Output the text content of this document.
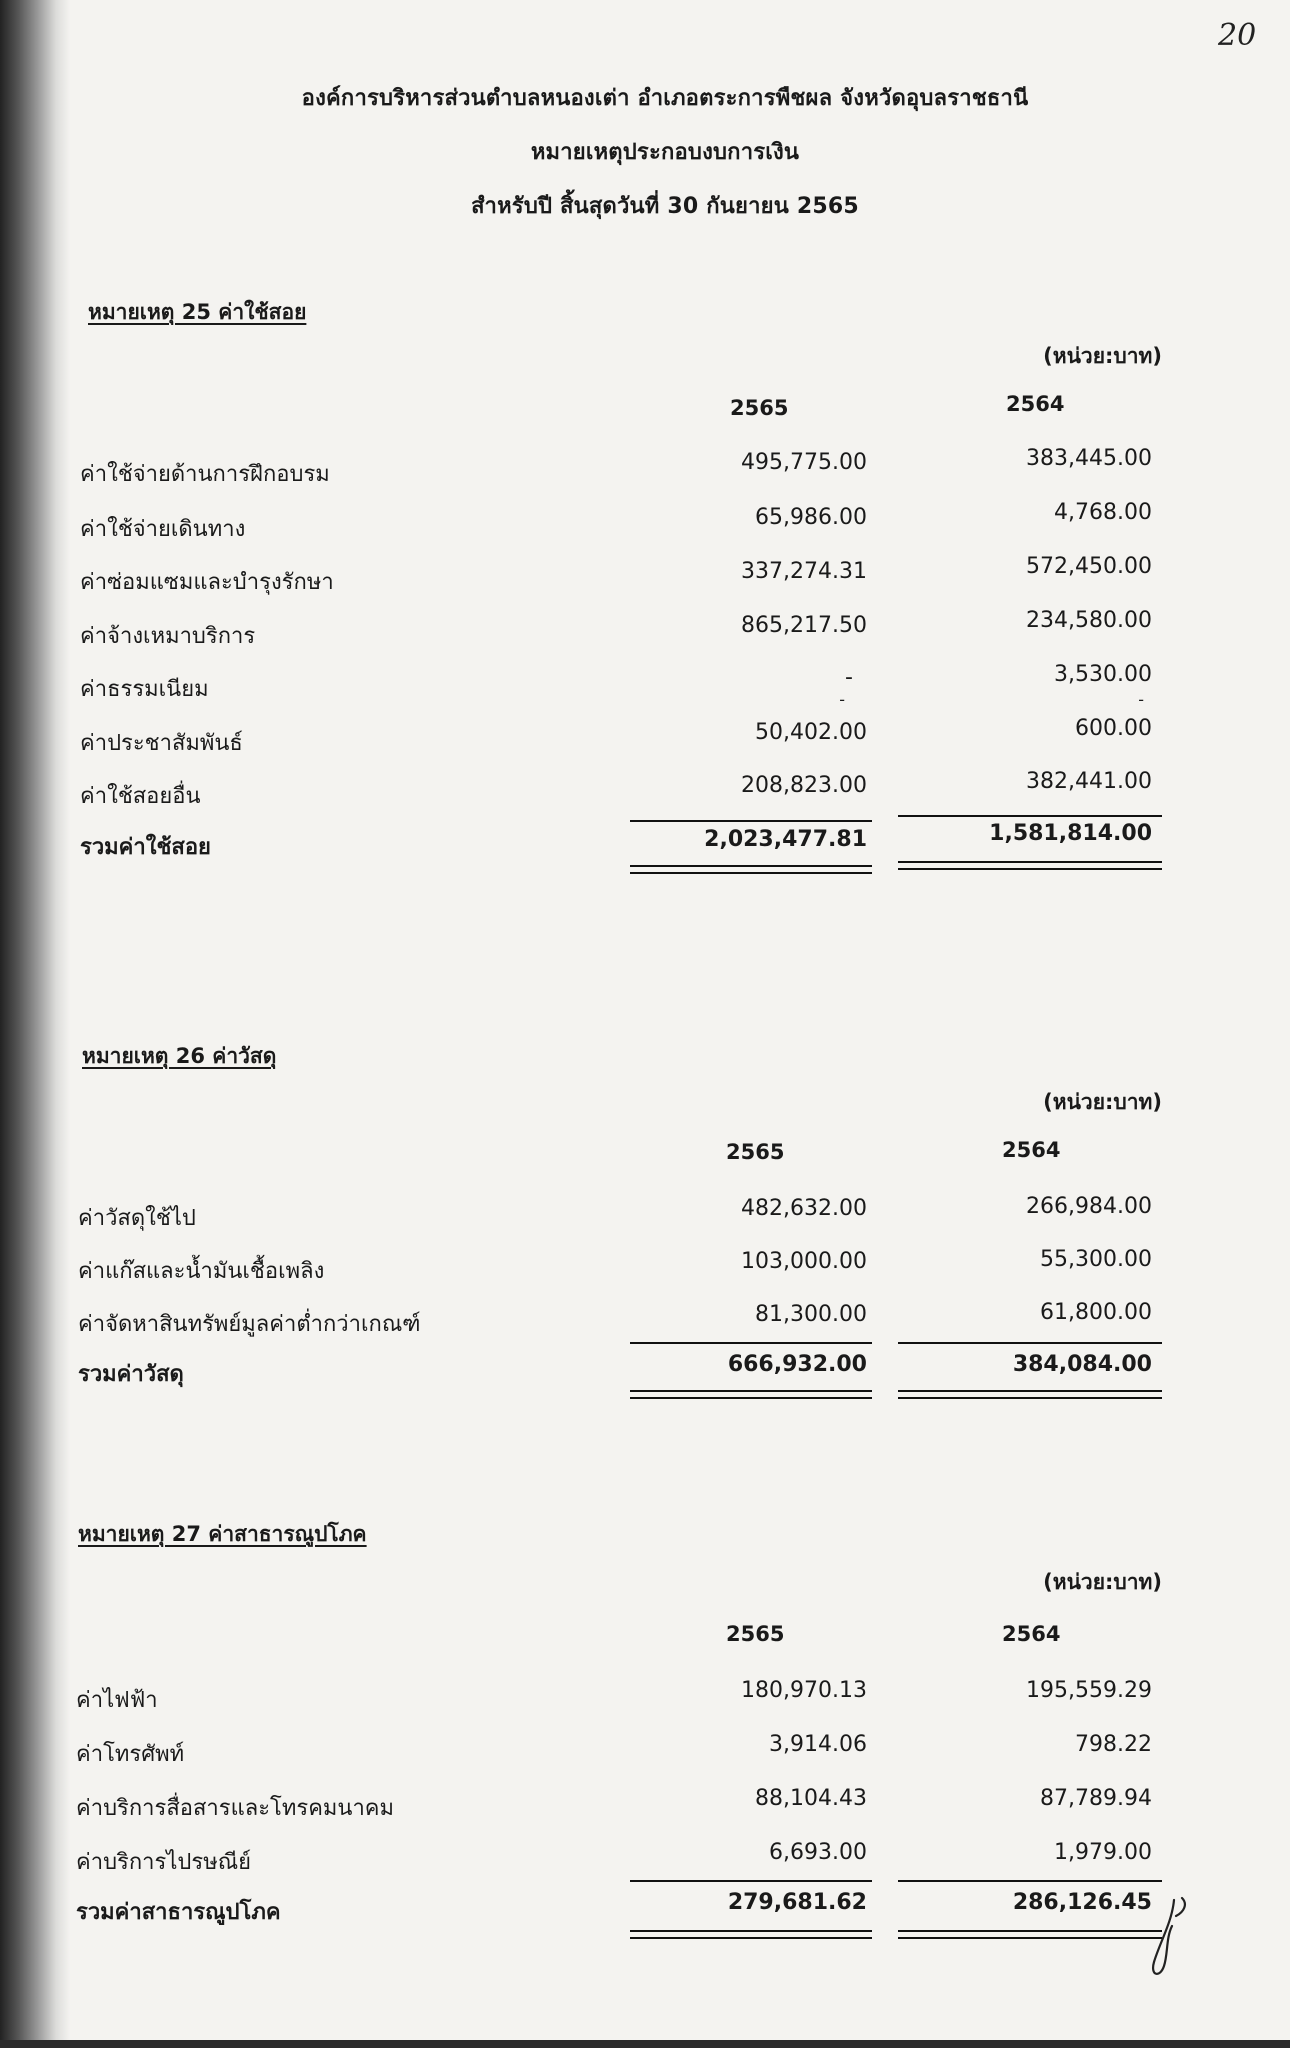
20
องค์การบริหารส่วนตำบลหนองเต่า อำเภอตระการพืชผล จังหวัดอุบลราชธานี
หมายเหตุประกอบงบการเงิน
สำหรับปี สิ้นสุดวันที่ 30 กันยายน 2565
หมายเหตุ 25 ค่าใช้สอย
(หน่วย:บาท)
2565	2564
ค่าใช้จ่ายด้านการฝึกอบรม	495,775.00	383,445.00
ค่าใช้จ่ายเดินทาง	65,986.00	4,768.00
ค่าซ่อมแซมและบำรุงรักษา	337,274.31	572,450.00
ค่าจ้างเหมาบริการ	865,217.50	234,580.00
ค่าธรรมเนียม	-	3,530.00
-	-
ค่าประชาสัมพันธ์	50,402.00	600.00
ค่าใช้สอยอื่น	208,823.00	382,441.00
รวมค่าใช้สอย	2,023,477.81	1,581,814.00
หมายเหตุ 26 ค่าวัสดุ
(หน่วย:บาท)
2565	2564
ค่าวัสดุใช้ไป	482,632.00	266,984.00
ค่าแก๊สและน้ำมันเชื้อเพลิง	103,000.00	55,300.00
ค่าจัดหาสินทรัพย์มูลค่าต่ำกว่าเกณฑ์	81,300.00	61,800.00
รวมค่าวัสดุ	666,932.00	384,084.00
หมายเหตุ 27 ค่าสาธารณูปโภค
(หน่วย:บาท)
2565	2564
ค่าไฟฟ้า	180,970.13	195,559.29
ค่าโทรศัพท์	3,914.06	798.22
ค่าบริการสื่อสารและโทรคมนาคม	88,104.43	87,789.94
ค่าบริการไปรษณีย์	6,693.00	1,979.00
รวมค่าสาธารณูปโภค	279,681.62	286,126.45
